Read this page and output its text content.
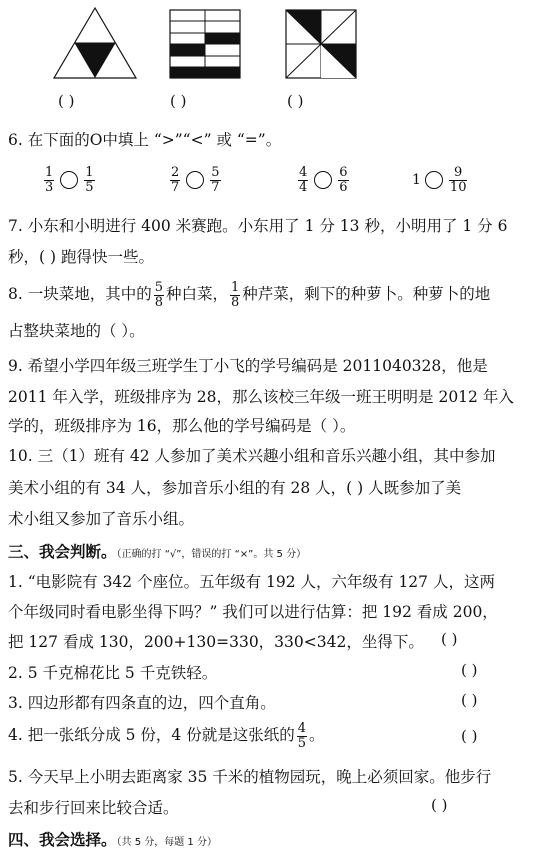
( )	( )	( )
6. 在下面的O中填上 “>”“<” 或 “=”。
$\frac{1}{3} \frac{1}{5}$	$\frac{2}{7} \frac{5}{7}$	$\frac{4}{4} \frac{6}{6}$	$1 \frac{9}{10}$
7. 小东和小明进行 400 米赛跑。小东用了 1 分 13 秒，小明用了 1 分 6
秒，( ) 跑得快一些。
8. 一块菜地，其中的 $\frac{5}{8}$ 种白菜， $\frac{1}{8}$ 种芹菜，剩下的种萝卜。种萝卜的地
占整块菜地的（ ）。
9. 希望小学四年级三班学生丁小飞的学号编码是 2011040328，他是
2011 年入学，班级排序为 28，那么该校三年级一班王明明是 2012 年入
学的，班级排序为 16，那么他的学号编码是（ ）。
10. 三（1）班有 42 人参加了美术兴趣小组和音乐兴趣小组，其中参加
美术小组的有 34 人，参加音乐小组的有 28 人，( ) 人既参加了美
术小组又参加了音乐小组。
三、我会判断。（正确的打 “√”，错误的打 “×”。共 5 分）
1. “电影院有 342 个座位。五年级有 192 人，六年级有 127 人，这两
个年级同时看电影坐得下吗？” 我们可以进行估算：把 192 看成 200，
把 127 看成 130，200+130=330，330<342，坐得下。 ( )
2. 5 千克棉花比 5 千克铁轻。	( )
3. 四边形都有四条直的边，四个直角。	( )
4. 把一张纸分成 5 份，4 份就是这张纸的 $\frac{4}{5}$ 。	( )
5. 今天早上小明去距离家 35 千米的植物园玩，晚上必须回家。他步行
去和步行回来比较合适。	( )
四、我会选择。（共 5 分，每题 1 分）
